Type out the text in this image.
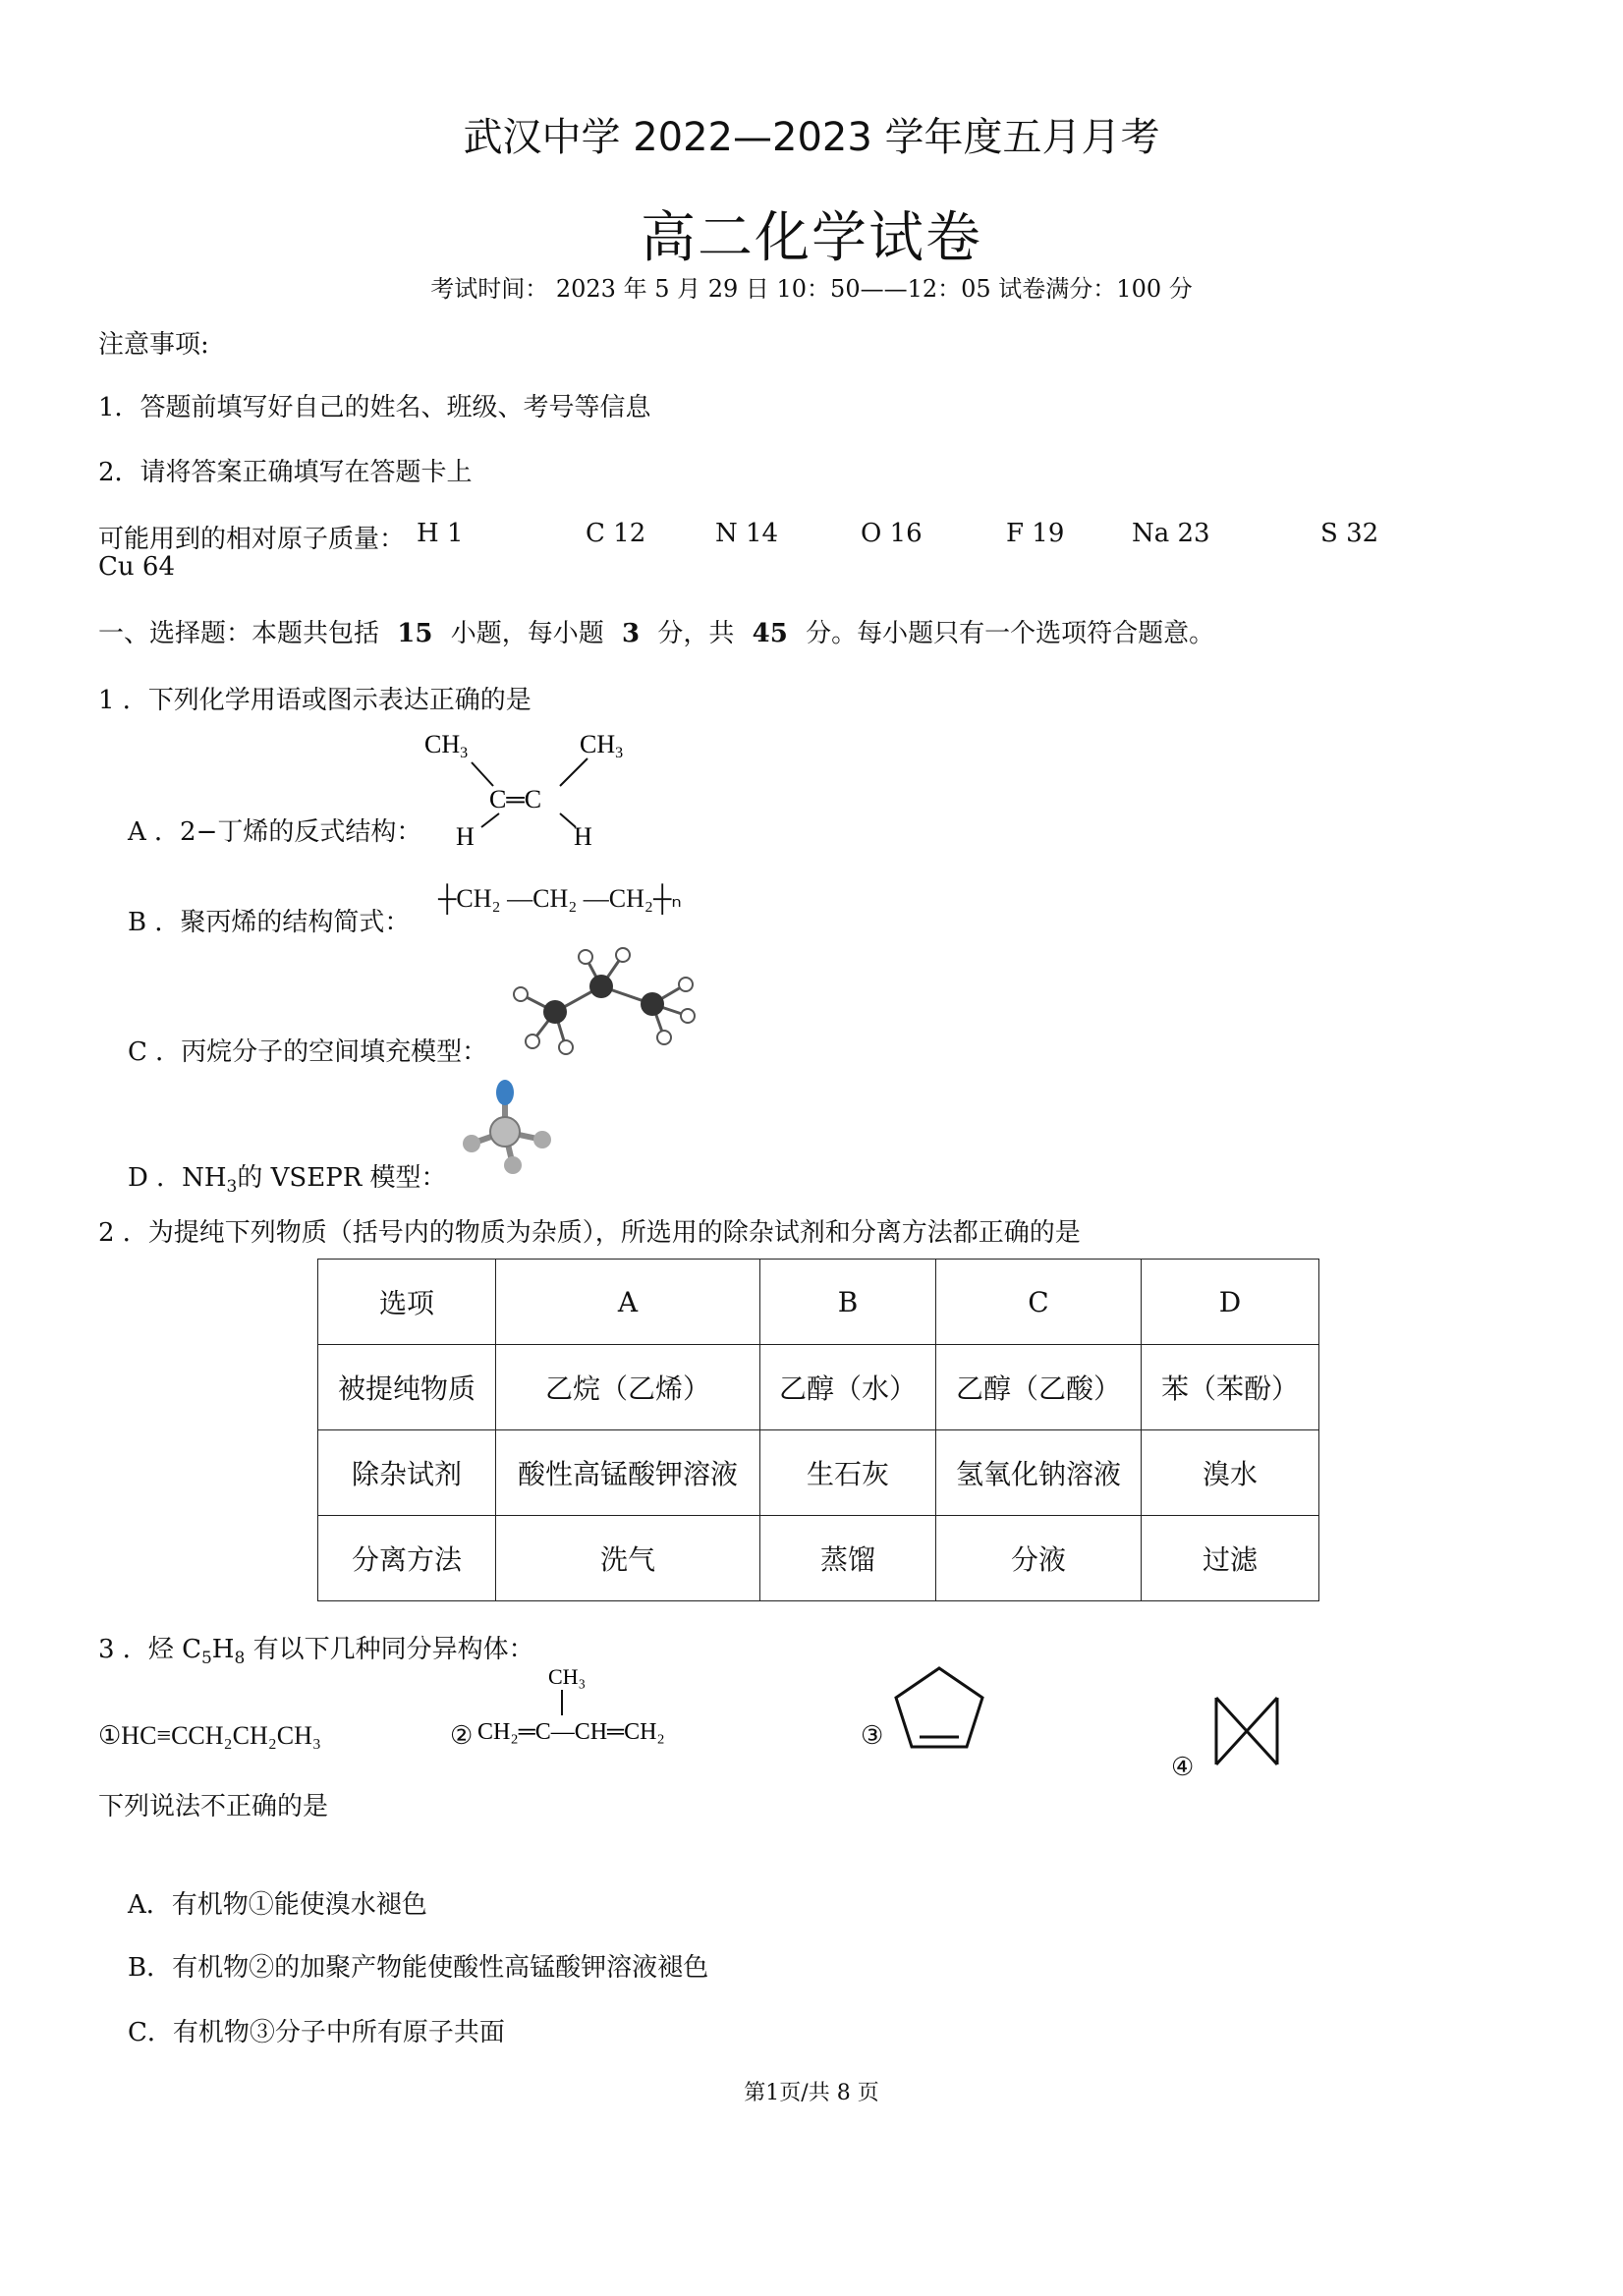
武汉中学 2022—2023 学年度五月月考
高二化学试卷
考试时间： 2023 年 5 月 29 日 10：50——12：05 试卷满分：100 分
注意事项:
1．答题前填写好自己的姓名、班级、考号等信息
2．请将答案正确填写在答题卡上
可能用到的相对原子质量： H 1	C 12	N 14	O 16	F 19	Na 23	S 32
Cu 64
一、选择题：本题共包括 15 小题，每小题 3 分，共 45 分。每小题只有一个选项符合题意。
1 ．下列化学用语或图示表达正确的是
A ．2−丁烯的反式结构：
CH3	CH3
C═C
H	H
B ．聚丙烯的结构简式：
┼CH₂ —CH₂ —CH₂┼ₙ
C ．丙烷分子的空间填充模型：
D ．$NH_3$的 VSEPR 模型：
2 ．为提纯下列物质（括号内的物质为杂质），所选用的除杂试剂和分离方法都正确的是
选项	A	B	C	D
被提纯物质	乙烷（乙烯）	乙醇（水）	乙醇（乙酸）	苯（苯酚）
除杂试剂	酸性高锰酸钾溶液	生石灰	氢氧化钠溶液	溴水
分离方法	洗气	蒸馏	分液	过滤
3 ．烃 $C_5H_8$ 有以下几种同分异构体：
①HC≡CCH₂CH₂CH₃	②
CH₃
CH₂═C—CH═CH₂	③
④
下列说法不正确的是
A．有机物①能使溴水褪色
B．有机物②的加聚产物能使酸性高锰酸钾溶液褪色
C．有机物③分子中所有原子共面
第1页/共 8 页
